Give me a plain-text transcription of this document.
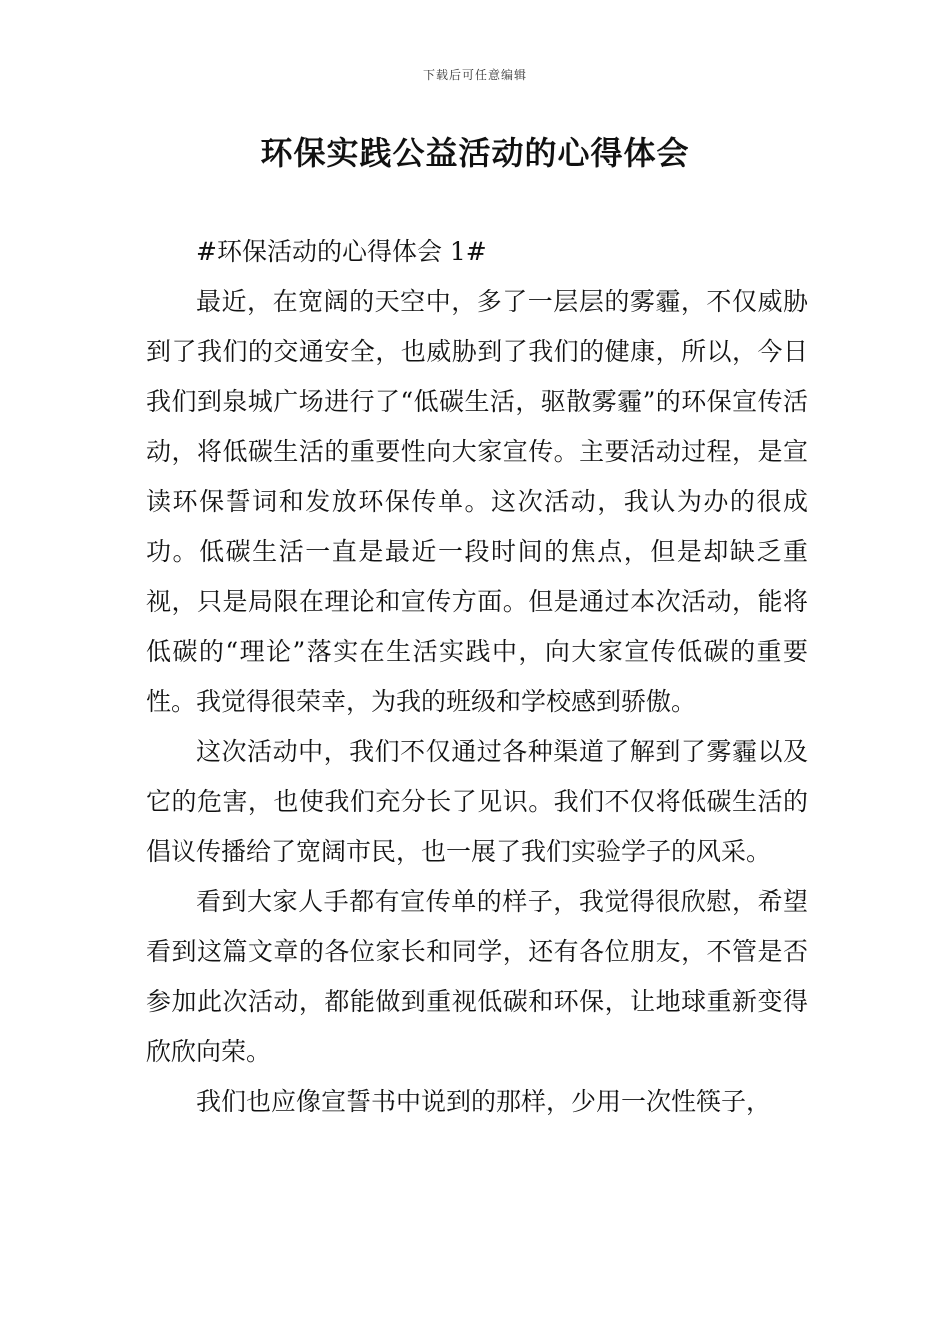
下载后可任意编辑
环保实践公益活动的心得体会

#环保活动的心得体会 1#

最近，在宽阔的天空中，多了一层层的雾霾，不仅威胁到了我们的交通安全，也威胁到了我们的健康，所以，今日我们到泉城广场进行了“低碳生活，驱散雾霾”的环保宣传活动，将低碳生活的重要性向大家宣传。主要活动过程，是宣读环保誓词和发放环保传单。这次活动，我认为办的很成功。低碳生活一直是最近一段时间的焦点，但是却缺乏重视，只是局限在理论和宣传方面。但是通过本次活动，能将低碳的“理论”落实在生活实践中，向大家宣传低碳的重要性。我觉得很荣幸，为我的班级和学校感到骄傲。

这次活动中，我们不仅通过各种渠道了解到了雾霾以及它的危害，也使我们充分长了见识。我们不仅将低碳生活的倡议传播给了宽阔市民，也一展了我们实验学子的风采。

看到大家人手都有宣传单的样子，我觉得很欣慰，希望看到这篇文章的各位家长和同学，还有各位朋友，不管是否参加此次活动，都能做到重视低碳和环保，让地球重新变得欣欣向荣。

我们也应像宣誓书中说到的那样，少用一次性筷子，
